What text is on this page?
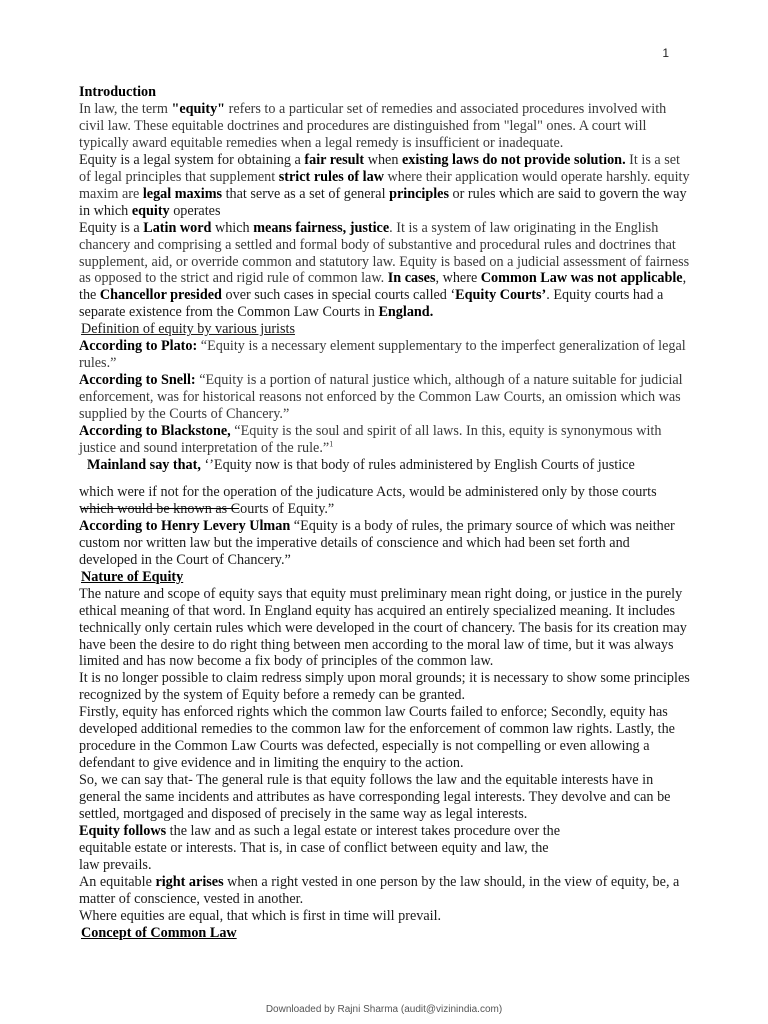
1

Introduction

In law, the term "equity" refers to a particular set of remedies and associated procedures involved with civil law. These equitable doctrines and procedures are distinguished from "legal" ones. A court will typically award equitable remedies when a legal remedy is insufficient or inadequate.

Equity is a legal system for obtaining a fair result when existing laws do not provide solution. It is a set of legal principles that supplement strict rules of law where their application would operate harshly. equity maxim are legal maxims that serve as a set of general principles or rules which are said to govern the way in which equity operates

Equity is a Latin word which means fairness, justice. It is a system of law originating in the English chancery and comprising a settled and formal body of substantive and procedural rules and doctrines that supplement, aid, or override common and statutory law. Equity is based on a judicial assessment of fairness as opposed to the strict and rigid rule of common law. In cases, where Common Law was not applicable, the Chancellor presided over such cases in special courts called ‘Equity Courts’. Equity courts had a separate existence from the Common Law Courts in England.

Definition of equity by various jurists

According to Plato: “Equity is a necessary element supplementary to the imperfect generalization of legal rules.”

According to Snell: “Equity is a portion of natural justice which, although of a nature suitable for judicial enforcement, was for historical reasons not enforced by the Common Law Courts, an omission which was supplied by the Courts of Chancery.”

According to Blackstone, “Equity is the soul and spirit of all laws. In this, equity is synonymous with justice and sound interpretation of the rule.”$^1$

Mainland say that, ‘’Equity now is that body of rules administered by English Courts of justice

which were if not for the operation of the judicature Acts, would be administered only by those courts which would be known as Courts of Equity.”

According to Henry Levery Ulman “Equity is a body of rules, the primary source of which was neither custom nor written law but the imperative details of conscience and which had been set forth and developed in the Court of Chancery.”

Nature of Equity

The nature and scope of equity says that equity must preliminary mean right doing, or justice in the purely ethical meaning of that word. In England equity has acquired an entirely specialized meaning. It includes technically only certain rules which were developed in the court of chancery. The basis for its creation may have been the desire to do right thing between men according to the moral law of time, but it was always limited and has now become a fix body of principles of the common law.

It is no longer possible to claim redress simply upon moral grounds; it is necessary to show some principles recognized by the system of Equity before a remedy can be granted.

Firstly, equity has enforced rights which the common law Courts failed to enforce; Secondly, equity has developed additional remedies to the common law for the enforcement of common law rights. Lastly, the procedure in the Common Law Courts was defected, especially is not compelling or even allowing a defendant to give evidence and in limiting the enquiry to the action.

So, we can say that- The general rule is that equity follows the law and the equitable interests have in general the same incidents and attributes as have corresponding legal interests. They devolve and can be settled, mortgaged and disposed of precisely in the same way as legal interests.

Equity follows the law and as such a legal estate or interest takes procedure over the
equitable estate or interests. That is, in case of conflict between equity and law, the
law prevails.

An equitable right arises when a right vested in one person by the law should, in the view of equity, be, a matter of conscience, vested in another.

Where equities are equal, that which is first in time will prevail.

Concept of Common Law

Downloaded by Rajni Sharma (audit@vizinindia.com)
